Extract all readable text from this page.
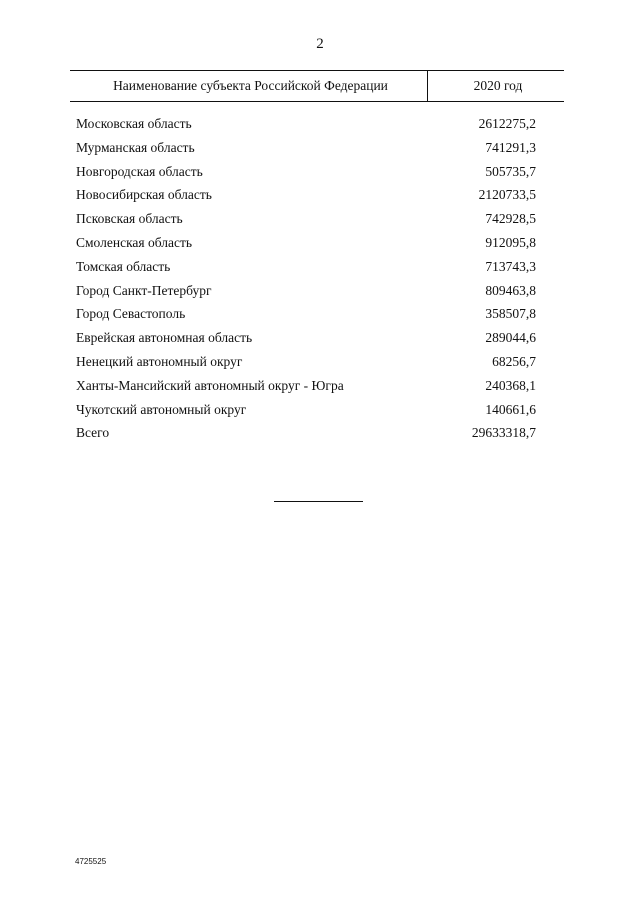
2
Наименование субъекта Российской Федерации	2020 год
Московская область	2612275,2
Мурманская область	741291,3
Новгородская область	505735,7
Новосибирская область	2120733,5
Псковская область	742928,5
Смоленская область	912095,8
Томская область	713743,3
Город Санкт-Петербург	809463,8
Город Севастополь	358507,8
Еврейская автономная область	289044,6
Ненецкий автономный округ	68256,7
Ханты-Мансийский автономный округ - Югра	240368,1
Чукотский автономный округ	140661,6
Всего	29633318,7
4725525
